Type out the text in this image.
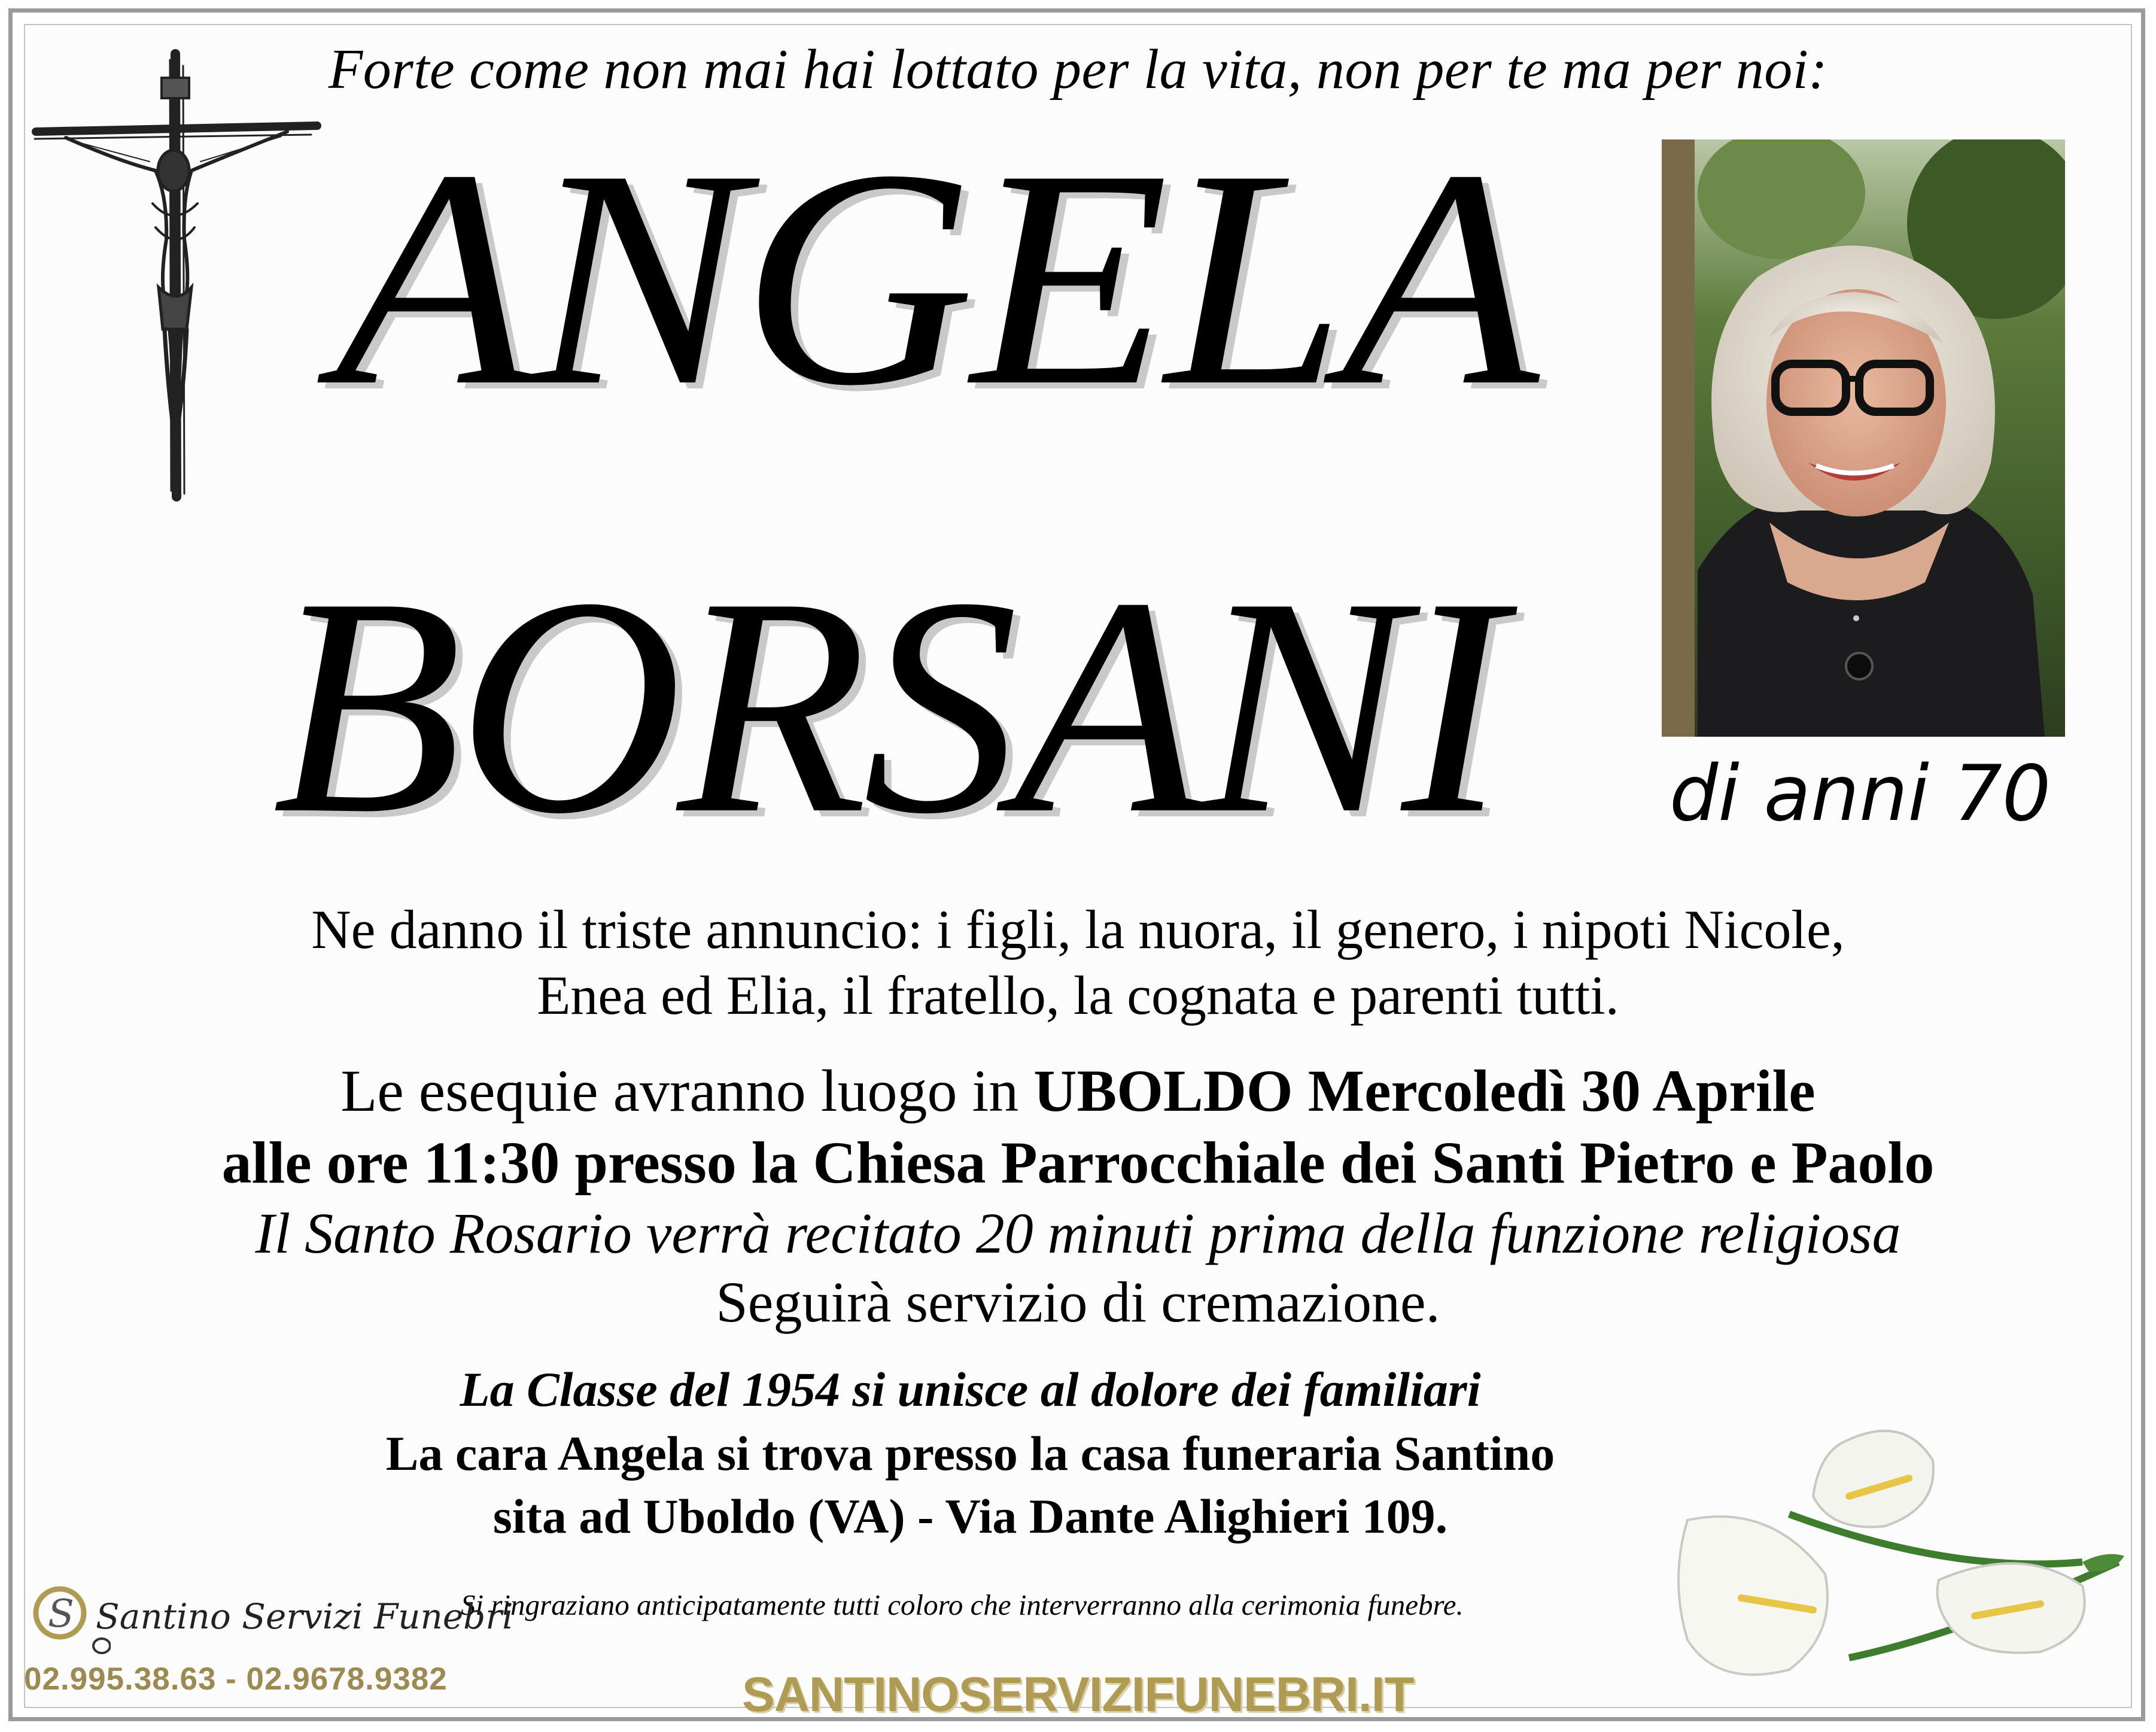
Forte come non mai hai lottato per la vita, non per te ma per noi:
ANGELA
BORSANI di anni 70
Ne danno il triste annuncio: i figli, la nuora, il genero, i nipoti Nicole,
Enea ed Elia, il fratello, la cognata e parenti tutti.
Le esequie avranno luogo in UBOLDO Mercoledì 30 Aprile
alle ore 11:30 presso la Chiesa Parrocchiale dei Santi Pietro e Paolo
Il Santo Rosario verrà recitato 20 minuti prima della funzione religiosa
Seguirà servizio di cremazione.
La Classe del 1954 si unisce al dolore dei familiari
La cara Angela si trova presso la casa funeraria Santino
sita ad Uboldo (VA) - Via Dante Alighieri 109.
Si ringraziano anticipatamente tutti coloro che interverranno alla cerimonia funebre.
S Santino Servizi Funebri
02.995.38.63 - 02.9678.9382	SANTINOSERVIZIFUNEBRI.IT
